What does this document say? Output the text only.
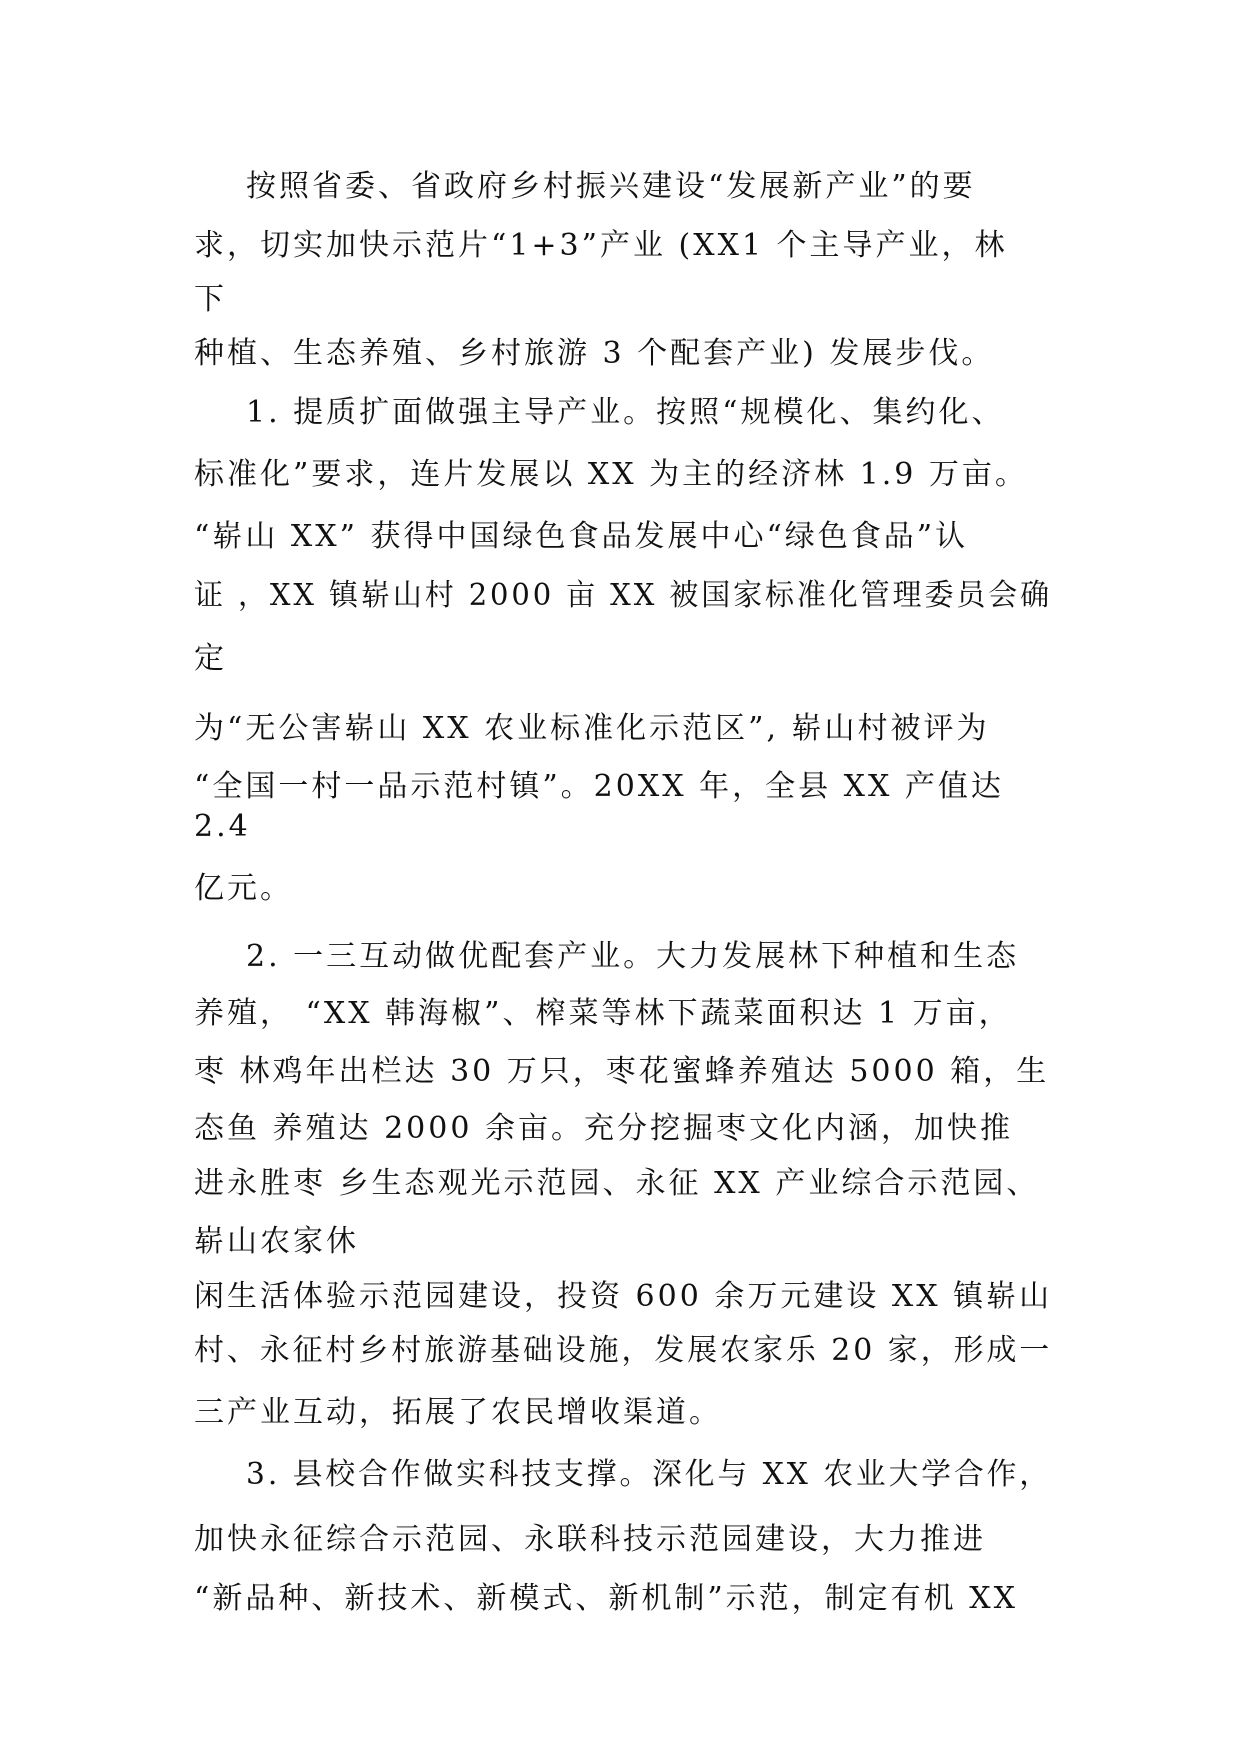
按照省委、省政府乡村振兴建设“发展新产业”的要
求，切实加快示范片“1+3”产业 (XX1 个主导产业，林
下
种植、生态养殖、乡村旅游 3 个配套产业) 发展步伐。
1. 提质扩面做强主导产业。按照“规模化、集约化、
标准化”要求，连片发展以 XX 为主的经济林 1.9 万亩。
“崭山 XX” 获得中国绿色食品发展中心“绿色食品”认
证 ，XX 镇崭山村 2000 亩 XX 被国家标准化管理委员会确
定
为“无公害崭山 XX 农业标准化示范区”, 崭山村被评为
“全国一村一品示范村镇”。20XX 年，全县 XX 产值达
2.4
亿元。
2. 一三互动做优配套产业。大力发展林下种植和生态
养殖， “XX 韩海椒”、榨菜等林下蔬菜面积达 1 万亩，
枣 林鸡年出栏达 30 万只，枣花蜜蜂养殖达 5000 箱，生
态鱼 养殖达 2000 余亩。充分挖掘枣文化内涵，加快推
进永胜枣 乡生态观光示范园、永征 XX 产业综合示范园、
崭山农家休
闲生活体验示范园建设，投资 600 余万元建设 XX 镇崭山
村、永征村乡村旅游基础设施，发展农家乐 20 家，形成一
三产业互动，拓展了农民增收渠道。
3. 县校合作做实科技支撑。深化与 XX 农业大学合作，
加快永征综合示范园、永联科技示范园建设，大力推进
“新品种、新技术、新模式、新机制”示范，制定有机 XX
